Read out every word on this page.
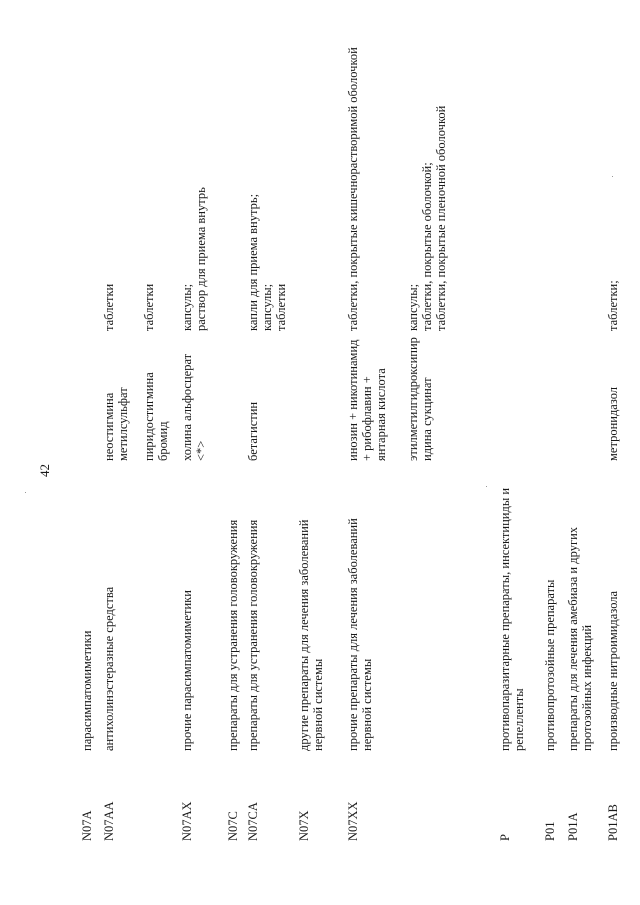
42
N07A
парасимпатомиметики
N07AA
антихолинэстеразные средства
неостигмина метилсульфат
таблетки
пиридостигмина бромид
таблетки
N07AX
прочие парасимпатомиметики
холина альфосцерат <*>
капсулы; раствор для приема внутрь
N07C
препараты для устранения головокружения
N07CA
препараты для устранения головокружения
бетагистин
капли для приема внутрь; капсулы; таблетки
N07X
другие препараты для лечения заболеваний нервной системы
N07XX
прочие препараты для лечения заболеваний нервной системы
инозин + никотинамид + рибофлавин + янтарная кислота
таблетки, покрытые кишечнорастворимой оболочкой
этилметилгидроксипир идина сукцинат
капсулы; таблетки, покрытые оболочкой; таблетки, покрытые пленочной оболочкой
P
противопаразитарные препараты, инсектициды и репелленты
P01
противопротозойные препараты
P01A
препараты для лечения амебиаза и других протозойных инфекций
P01AB
производные нитроимидазола
метронидазол
таблетки;
